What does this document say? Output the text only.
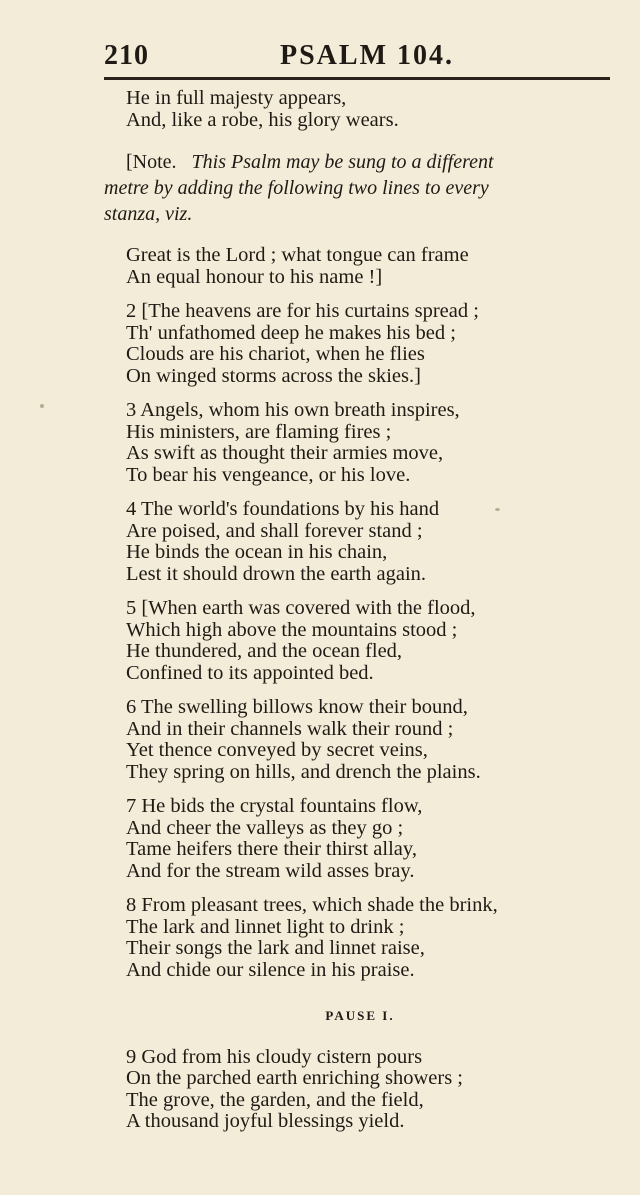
210	PSALM 104.
He in full majesty appears,
And, like a robe, his glory wears.
[Note. This Psalm may be sung to a different
metre by adding the following two lines to every
stanza, viz.
Great is the Lord ; what tongue can frame
An equal honour to his name !]
2 [The heavens are for his curtains spread ;
Th' unfathomed deep he makes his bed ;
Clouds are his chariot, when he flies
On winged storms across the skies.]
3 Angels, whom his own breath inspires,
His ministers, are flaming fires ;
As swift as thought their armies move,
To bear his vengeance, or his love.
4 The world's foundations by his hand
Are poised, and shall forever stand ;
He binds the ocean in his chain,
Lest it should drown the earth again.
5 [When earth was covered with the flood,
Which high above the mountains stood ;
He thundered, and the ocean fled,
Confined to its appointed bed.
6 The swelling billows know their bound,
And in their channels walk their round ;
Yet thence conveyed by secret veins,
They spring on hills, and drench the plains.
7 He bids the crystal fountains flow,
And cheer the valleys as they go ;
Tame heifers there their thirst allay,
And for the stream wild asses bray.
8 From pleasant trees, which shade the brink,
The lark and linnet light to drink ;
Their songs the lark and linnet raise,
And chide our silence in his praise.
PAUSE I.
9 God from his cloudy cistern pours
On the parched earth enriching showers ;
The grove, the garden, and the field,
A thousand joyful blessings yield.
